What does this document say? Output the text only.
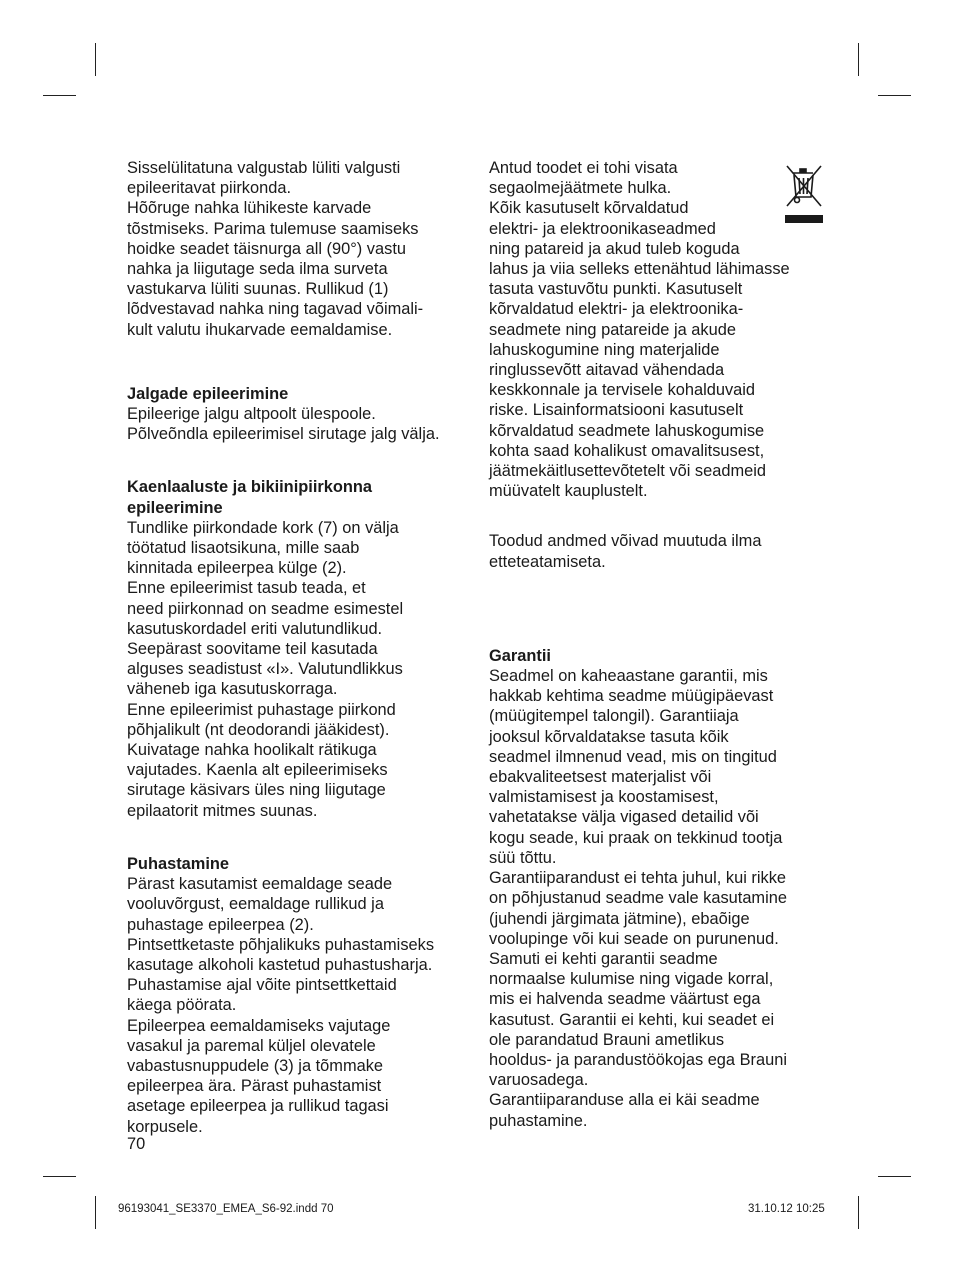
Sisselülitatuna valgustab lüliti valgusti
epileeritavat piirkonda.
Hõõruge nahka lühikeste karvade
tõstmiseks. Parima tulemuse saamiseks
hoidke seadet täisnurga all (90°) vastu
nahka ja liigutage seda ilma surveta
vastukarva lüliti suunas. Rullikud (1)
lõdvestavad nahka ning tagavad võimali-
kult valutu ihukarvade eemaldamise.
Jalgade epileerimine
Epileerige jalgu altpoolt ülespoole.
Põlveõndla epileerimisel sirutage jalg välja.
Kaenlaaluste ja bikiinipiirkonna
epileerimine
Tundlike piirkondade kork (7) on välja
töötatud lisaotsikuna, mille saab
kinnitada epileerpea külge (2).
Enne epileerimist tasub teada, et
need piirkonnad on seadme esimestel
kasutuskordadel eriti valutundlikud.
Seepärast soovitame teil kasutada
alguses seadistust «I». Valutundlikkus
väheneb iga kasutuskorraga.
Enne epileerimist puhastage piirkond
põhjalikult (nt deodorandi jääkidest).
Kuivatage nahka hoolikalt rätikuga
vajutades. Kaenla alt epileerimiseks
sirutage käsivars üles ning liigutage
epilaatorit mitmes suunas.
Puhastamine
Pärast kasutamist eemaldage seade
vooluvõrgust, eemaldage rullikud ja
puhastage epileerpea (2).
Pintsettketaste põhjalikuks puhastamiseks
kasutage alkoholi kastetud puhastusharja.
Puhastamise ajal võite pintsettkettaid
käega pöörata.
Epileerpea eemaldamiseks vajutage
vasakul ja paremal küljel olevatele
vabastusnuppudele (3) ja tõmmake
epileerpea ära. Pärast puhastamist
asetage epileerpea ja rullikud tagasi
korpusele.
Antud toodet ei tohi visata
segaolmejäätmete hulka.
Kõik kasutuselt kõrvaldatud
elektri- ja elektroonikaseadmed
ning patareid ja akud tuleb koguda
lahus ja viia selleks ettenähtud lähimasse
tasuta vastuvõtu punkti. Kasutuselt
kõrvaldatud elektri- ja elektroonika-
seadmete ning patareide ja akude
lahuskogumine ning materjalide
ringlussevõtt aitavad vähendada
keskkonnale ja tervisele kohalduvaid
riske. Lisainformatsiooni kasutuselt
kõrvaldatud seadmete lahuskogumise
kohta saad kohalikust omavalitsusest,
jäätmekäitlusettevõtetelt või seadmeid
müüvatelt kauplustelt.
Toodud andmed võivad muutuda ilma
etteteatamiseta.
Garantii
Seadmel on kaheaastane garantii, mis
hakkab kehtima seadme müügipäevast
(müügitempel talongil). Garantiiaja
jooksul kõrvaldatakse tasuta kõik
seadmel ilmnenud vead, mis on tingitud
ebakvaliteetsest materjalist või
valmistamisest ja koostamisest,
vahetatakse välja vigased detailid või
kogu seade, kui praak on tekkinud tootja
süü tõttu.
Garantiiparandust ei tehta juhul, kui rikke
on põhjustanud seadme vale kasutamine
(juhendi järgimata jätmine), ebaõige
voolupinge või kui seade on purunenud.
Samuti ei kehti garantii seadme
normaalse kulumise ning vigade korral,
mis ei halvenda seadme väärtust ega
kasutust. Garantii ei kehti, kui seadet ei
ole parandatud Brauni ametlikus
hooldus- ja parandustöökojas ega Brauni
varuosadega.
Garantiiparanduse alla ei käi seadme
puhastamine.
70
96193041_SE3370_EMEA_S6-92.indd 70	31.10.12 10:25
